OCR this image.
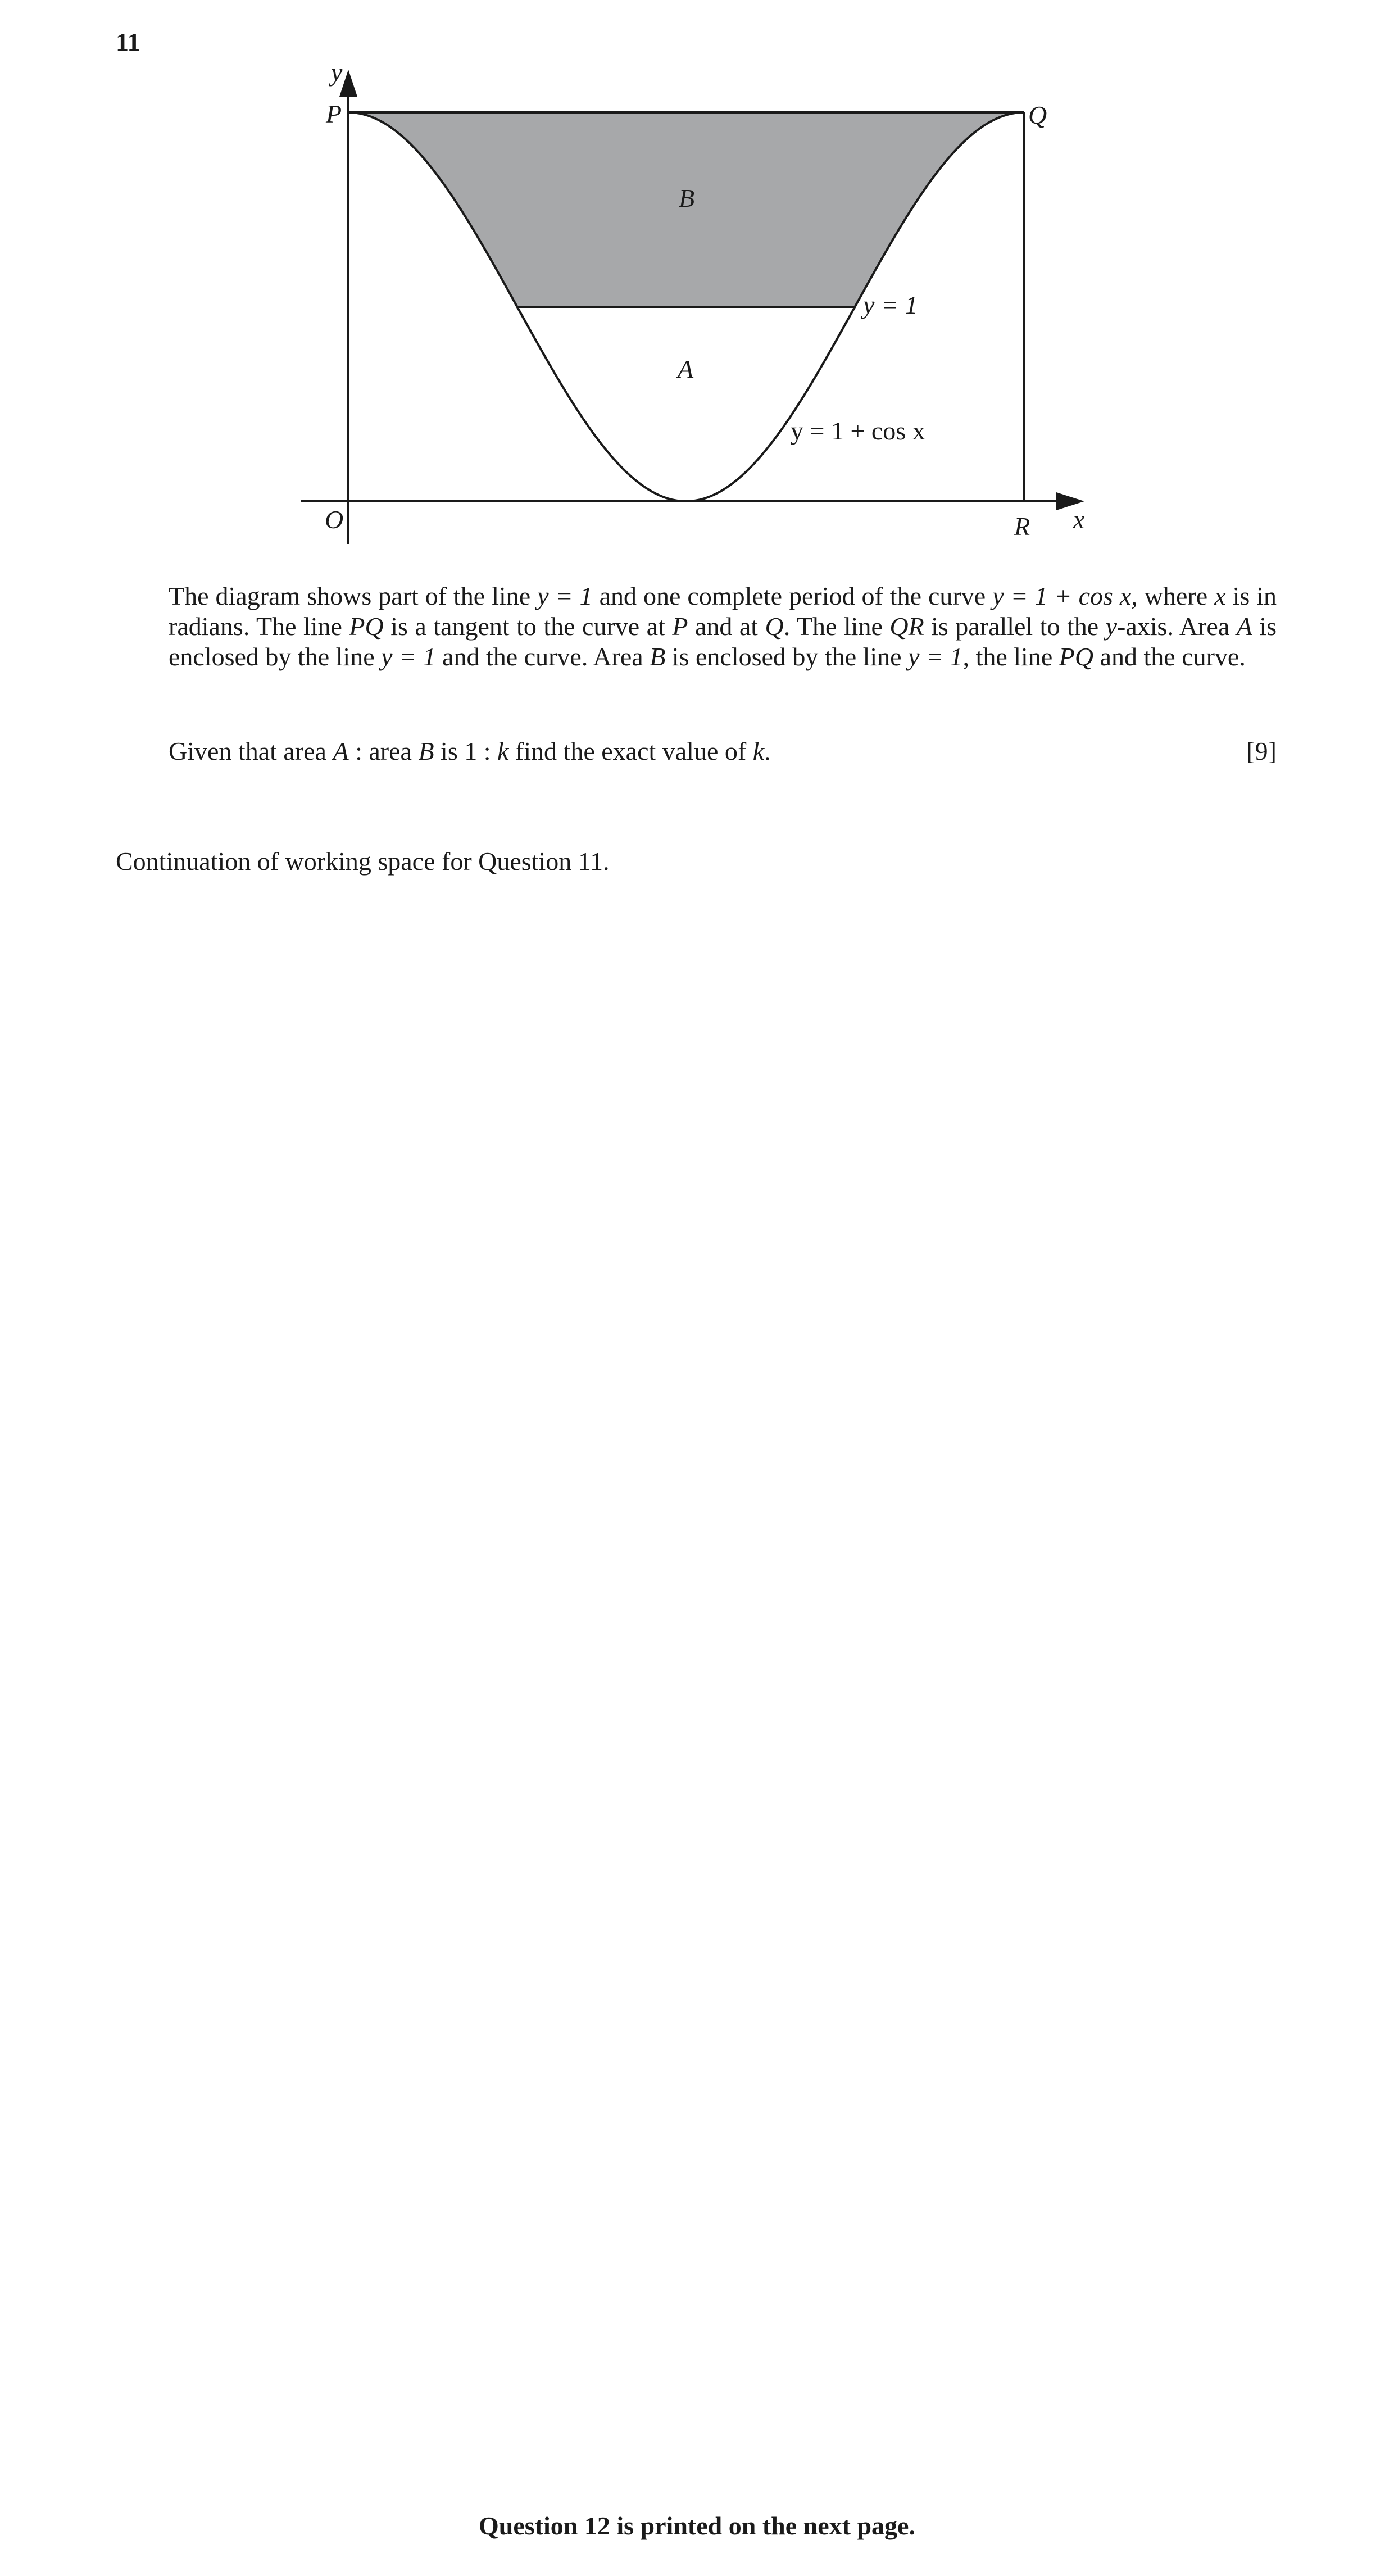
11
y
P	Q
B
A
y = 1
y = 1 + cos x
O	R x
The diagram shows part of the line y = 1 and one complete period of the curve y = 1 + cos x, where x is in radians. The line PQ is a tangent to the curve at P and at Q. The line QR is parallel to the y-axis. Area A is enclosed by the line y = 1 and the curve. Area B is enclosed by the line y = 1, the line PQ and the curve.
Given that area A : area B is 1 : k find the exact value of k.	[9]
Continuation of working space for Question 11.
Question 12 is printed on the next page.
